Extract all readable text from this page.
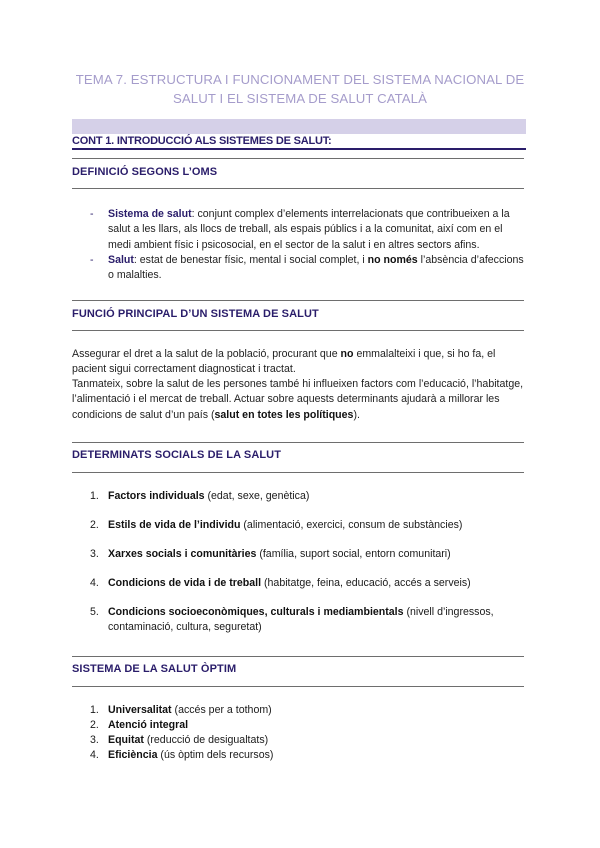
TEMA 7. ESTRUCTURA I FUNCIONAMENT DEL SISTEMA NACIONAL DE SALUT I EL SISTEMA DE SALUT CATALÀ
CONT 1. INTRODUCCIÓ ALS SISTEMES DE SALUT:
DEFINICIÓ SEGONS L’OMS
- Sistema de salut: conjunt complex d’elements interrelacionats que contribueixen a la salut a les llars, als llocs de treball, als espais públics i a la comunitat, així com en el medi ambient físic i psicosocial, en el sector de la salut i en altres sectors afins.
- Salut: estat de benestar físic, mental i social complet, i no només l’absència d’afeccions o malalties.
FUNCIÓ PRINCIPAL D’UN SISTEMA DE SALUT
Assegurar el dret a la salut de la població, procurant que no emmalalteixi i que, si ho fa, el pacient sigui correctament diagnosticat i tractat.
Tanmateix, sobre la salut de les persones també hi influeixen factors com l’educació, l’habitatge, l’alimentació i el mercat de treball. Actuar sobre aquests determinants ajudarà a millorar les condicions de salut d’un país (salut en totes les polítiques).
DETERMINATS SOCIALS DE LA SALUT
1. Factors individuals (edat, sexe, genètica)
2. Estils de vida de l’individu (alimentació, exercici, consum de substàncies)
3. Xarxes socials i comunitàries (família, suport social, entorn comunitari)
4. Condicions de vida i de treball (habitatge, feina, educació, accés a serveis)
5. Condicions socioeconòmiques, culturals i mediambientals (nivell d’ingressos, contaminació, cultura, seguretat)
SISTEMA DE LA SALUT ÒPTIM
1. Universalitat (accés per a tothom)
2. Atenció integral
3. Equitat (reducció de desigualtats)
4. Eficiència (ús òptim dels recursos)
